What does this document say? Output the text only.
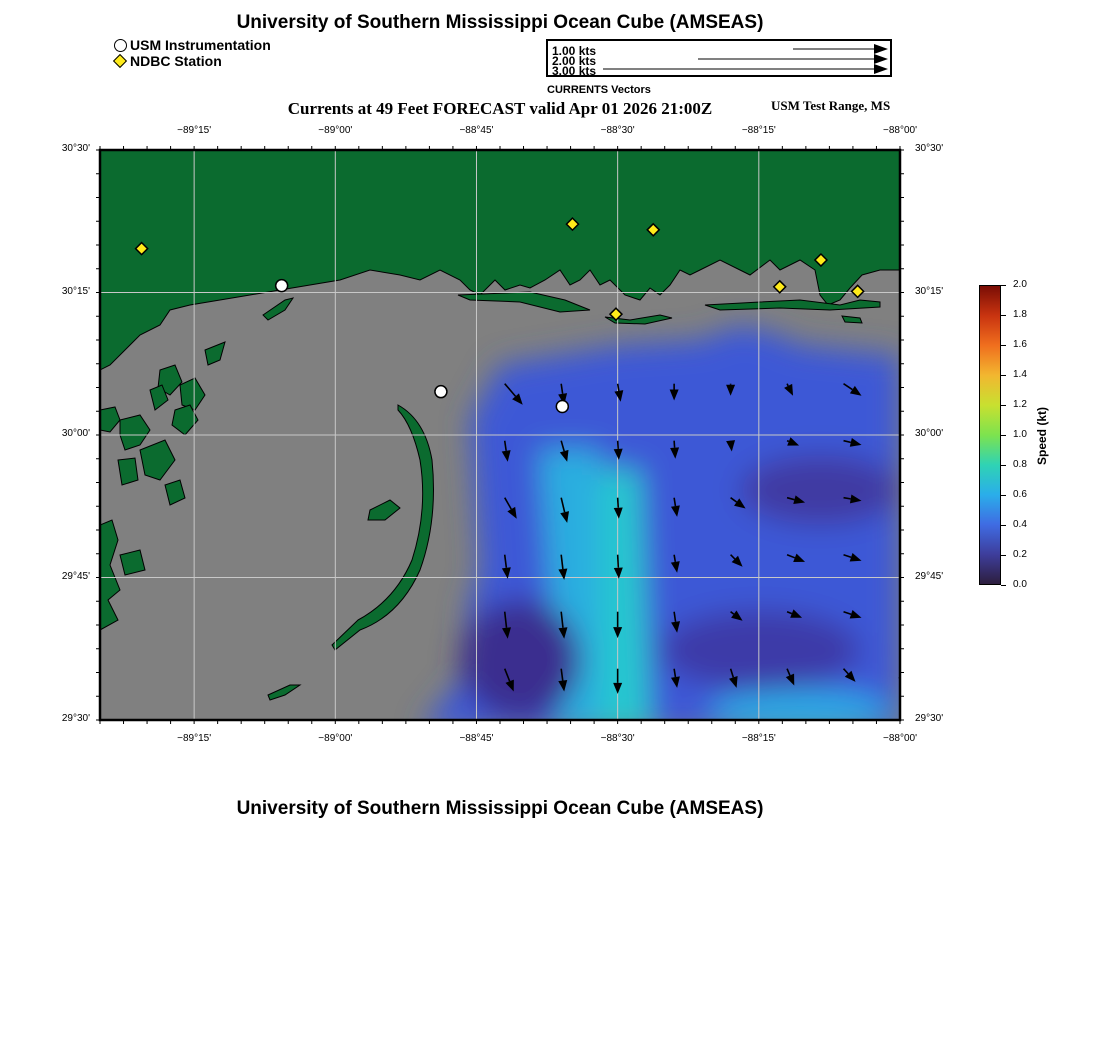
University of Southern Mississippi Ocean Cube (AMSEAS)
USM Instrumentation
NDBC Station
1.00 kts
2.00 kts
3.00 kts
CURRENTS Vectors
Currents at 49 Feet FORECAST valid Apr 01 2026 21:00Z	USM Test Range, MS
−89°15'
−89°15'
−89°00'
−89°00'
−88°45'
−88°45'
−88°30'
−88°30'
−88°15'
−88°15'
−88°00'
−88°00'
30°30'	30°30'
30°15'	30°15'
30°00'	30°00'
29°45'	29°45'
29°30'	29°30'
0.0
0.2
0.4
0.6
0.8
1.0
1.2
1.4
1.6
1.8
2.0
Speed (kt)
University of Southern Mississippi Ocean Cube (AMSEAS)
